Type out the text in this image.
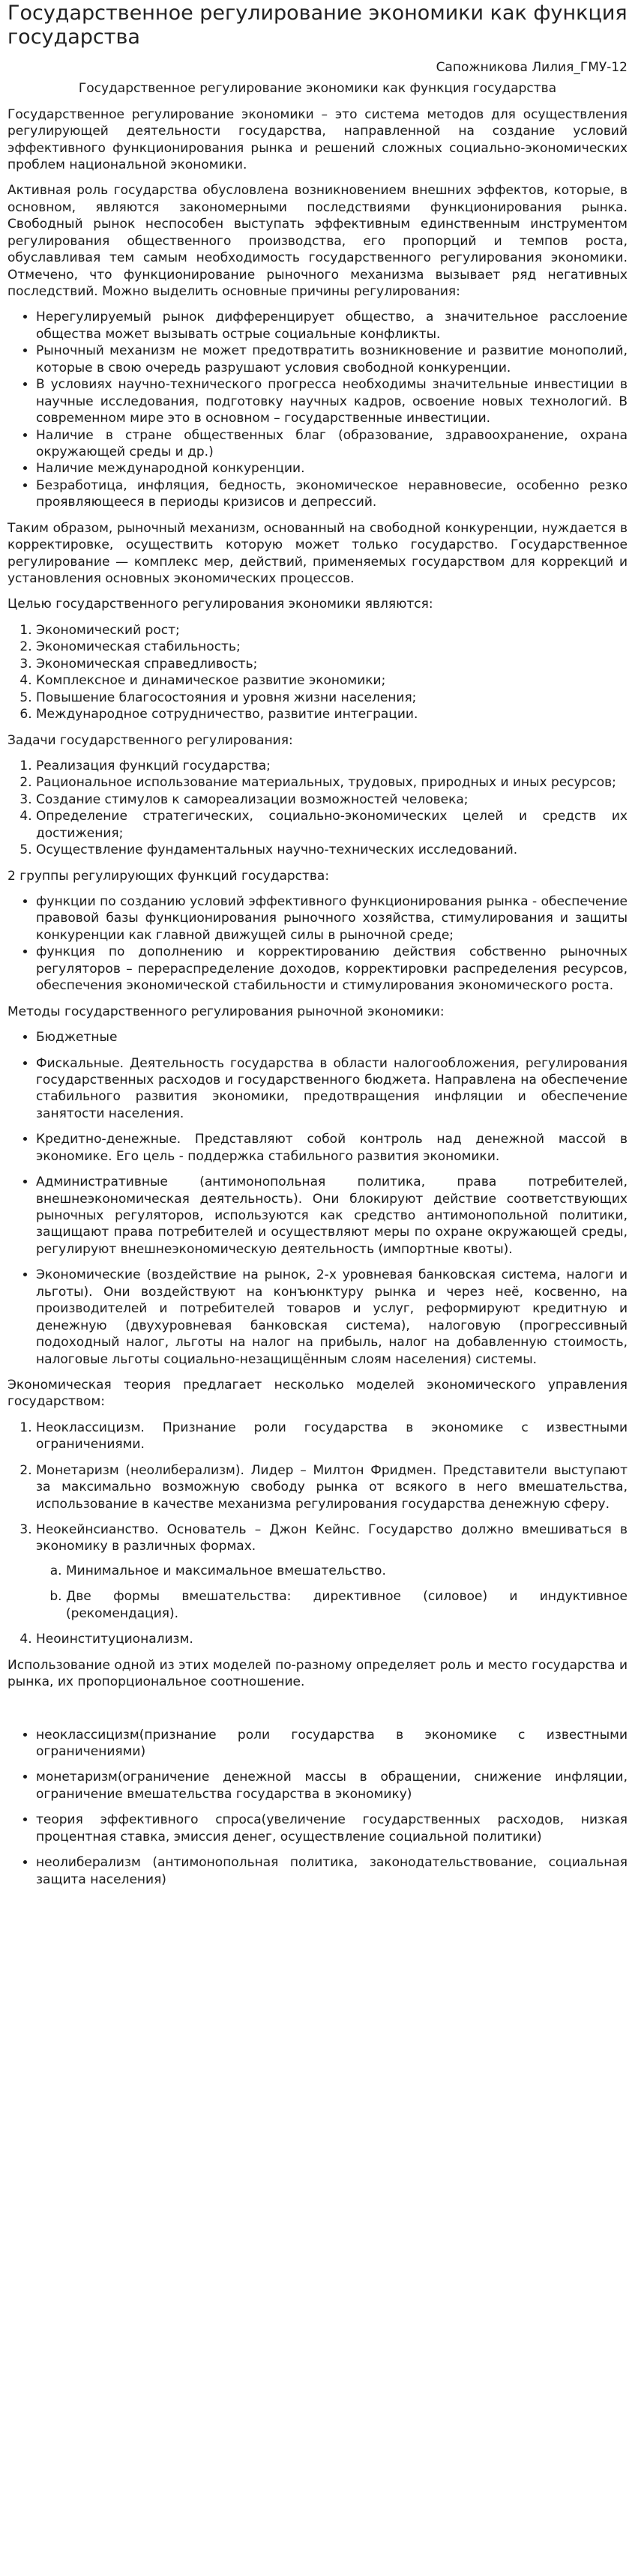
Государственное регулирование экономики как функция государства
Сапожникова Лилия_ГМУ-12
Государственное регулирование экономики как функция государства

Государственное регулирование экономики – это система методов для осуществления регулирующей деятельности государства, направленной на создание условий эффективного функционирования рынка и решений сложных социально-экономических проблем национальной экономики.

Активная роль государства обусловлена возникновением внешних эффектов, которые, в основном, являются закономерными последствиями функционирования рынка. Свободный рынок неспособен выступать эффективным единственным инструментом регулирования общественного производства, его пропорций и темпов роста, обуславливая тем самым необходимость государственного регулирования экономики. Отмечено, что функционирование рыночного механизма вызывает ряд негативных последствий. Можно выделить основные причины регулирования:

• Нерегулируемый рынок дифференцирует общество, а значительное расслоение общества может вызывать острые социальные конфликты.
• Рыночный механизм не может предотвратить возникновение и развитие монополий, которые в свою очередь разрушают условия свободной конкуренции.
• В условиях научно-технического прогресса необходимы значительные инвестиции в научные исследования, подготовку научных кадров, освоение новых технологий. В современном мире это в основном – государственные инвестиции.
• Наличие в стране общественных благ (образование, здравоохранение, охрана окружающей среды и др.)
• Наличие международной конкуренции.
• Безработица, инфляция, бедность, экономическое неравновесие, особенно резко проявляющееся в периоды кризисов и депрессий.

Таким образом, рыночный механизм, основанный на свободной конкуренции, нуждается в корректировке, осуществить которую может только государство. Государственное регулирование — комплекс мер, действий, применяемых государством для коррекций и установления основных экономических процессов.

Целью государственного регулирования экономики являются:

1. Экономический рост;
2. Экономическая стабильность;
3. Экономическая справедливость;
4. Комплексное и динамическое развитие экономики;
5. Повышение благосостояния и уровня жизни населения;
6. Международное сотрудничество, развитие интеграции.

Задачи государственного регулирования:

1. Реализация функций государства;
2. Рациональное использование материальных, трудовых, природных и иных ресурсов;
3. Создание стимулов к самореализации возможностей человека;
4. Определение стратегических, социально-экономических целей и средств их достижения;
5. Осуществление фундаментальных научно-технических исследований.

2 группы регулирующих функций государства:

• функции по созданию условий эффективного функционирования рынка - обеспечение правовой базы функционирования рыночного хозяйства, стимулирования и защиты конкуренции как главной движущей силы в рыночной среде;
• функция по дополнению и корректированию действия собственно рыночных регуляторов – перераспределение доходов, корректировки распределения ресурсов, обеспечения экономической стабильности и стимулирования экономического роста.

Методы государственного регулирования рыночной экономики:

• Бюджетные
• Фискальные. Деятельность государства в области налогообложения, регулирования государственных расходов и государственного бюджета. Направлена на обеспечение стабильного развития экономики, предотвращения инфляции и обеспечение занятости населения.
• Кредитно-денежные. Представляют собой контроль над денежной массой в экономике. Его цель - поддержка стабильного развития экономики.
• Административные (антимонопольная политика, права потребителей, внешнеэкономическая деятельность). Они блокируют действие соответствующих рыночных регуляторов, используются как средство антимонопольной политики, защищают права потребителей и осуществляют меры по охране окружающей среды, регулируют внешнеэкономическую деятельность (импортные квоты).
• Экономические (воздействие на рынок, 2-х уровневая банковская система, налоги и льготы). Они воздействуют на конъюнктуру рынка и через неё, косвенно, на производителей и потребителей товаров и услуг, реформируют кредитную и денежную (двухуровневая банковская система), налоговую (прогрессивный подоходный налог, льготы на налог на прибыль, налог на добавленную стоимость, налоговые льготы социально-незащищённым слоям населения) системы.

Экономическая теория предлагает несколько моделей экономического управления государством:

1. Неоклассицизм. Признание роли государства в экономике с известными ограничениями.
2. Монетаризм (неолиберализм). Лидер – Милтон Фридмен. Представители выступают за максимально возможную свободу рынка от всякого в него вмешательства, использование в качестве механизма регулирования государства денежную сферу.
3. Неокейнсианство. Основатель – Джон Кейнс. Государство должно вмешиваться в экономику в различных формах.
a. Минимальное и максимальное вмешательство.
b. Две формы вмешательства: директивное (силовое) и индуктивное (рекомендация).
4. Неоинституционализм.

Использование одной из этих моделей по-разному определяет роль и место государства и рынка, их пропорциональное соотношение.

• неоклассицизм(признание роли государства в экономике с известными ограничениями)
• монетаризм(ограничение денежной массы в обращении, снижение инфляции, ограничение вмешательства государства в экономику)
• теория эффективного спроса(увеличение государственных расходов, низкая процентная ставка, эмиссия денег, осуществление социальной политики)
• неолиберализм (антимонопольная политика, законодательствование, социальная защита населения)
